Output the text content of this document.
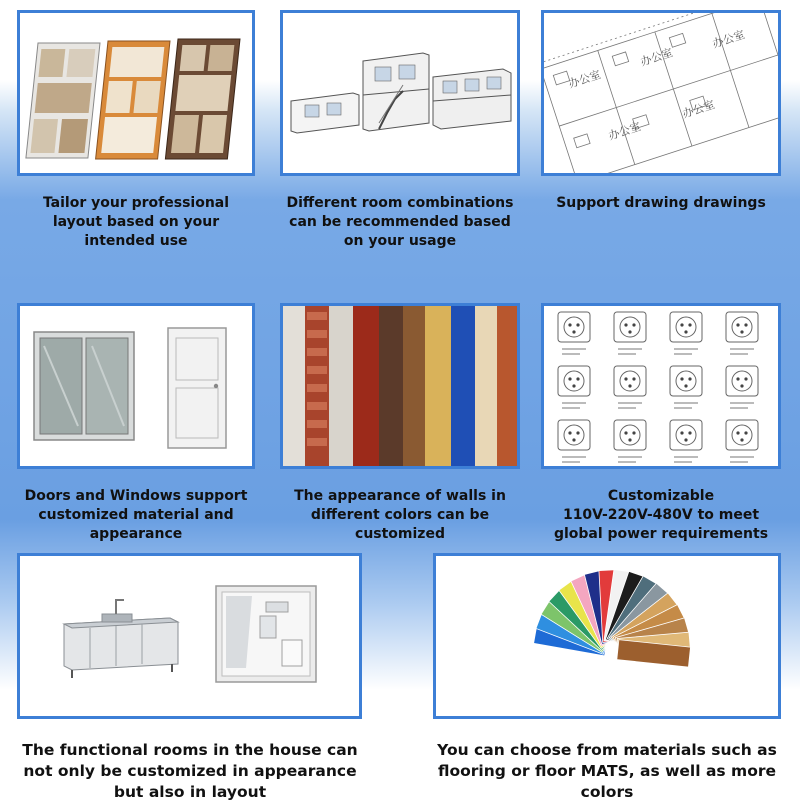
办公室
办公室
办公室
办公室
办公室
Tailor your professional
layout based on your
intended use
Different room combinations
can be recommended based
on your usage
Support drawing drawings
Doors and Windows support
customized material and
appearance
The appearance of walls in
different colors can be
customized
Customizable
110V-220V-480V to meet
global power requirements
The functional rooms in the house can
not only be customized in appearance
but also in layout
You can choose from materials such as
flooring or floor MATS, as well as more
colors
